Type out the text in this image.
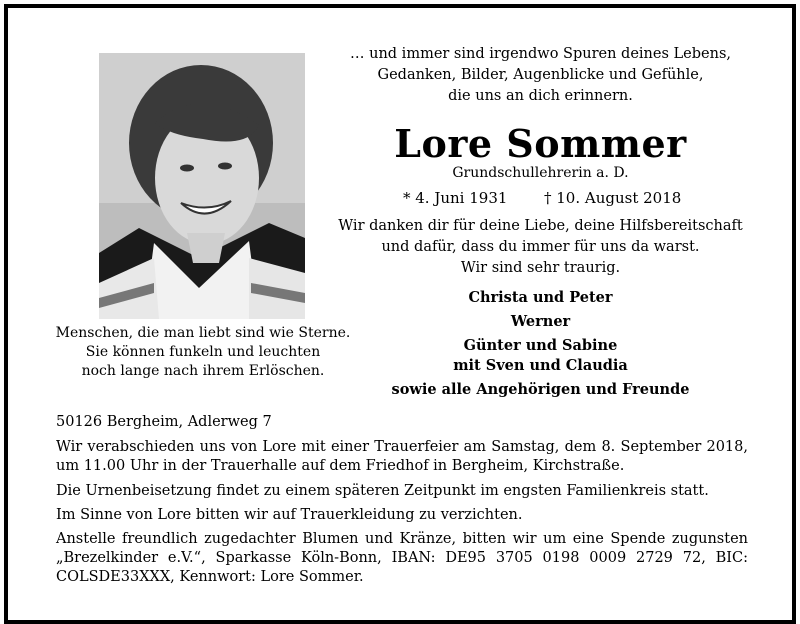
Menschen, die man liebt sind wie Sterne.
Sie können funkeln und leuchten
noch lange nach ihrem Erlöschen.
… und immer sind irgendwo Spuren deines Lebens,
Gedanken, Bilder, Augenblicke und Gefühle,
die uns an dich erinnern.
Lore Sommer
Grundschullehrerin a. D.
* 4. Juni 1931 † 10. August 2018
Wir danken dir für deine Liebe, deine Hilfsbereitschaft
und dafür, dass du immer für uns da warst.
Wir sind sehr traurig.
Christa und Peter
Werner
Günter und Sabine
mit Sven und Claudia
sowie alle Angehörigen und Freunde
50126 Bergheim, Adlerweg 7
Wir verabschieden uns von Lore mit einer Trauerfeier am Samstag, dem 8. September 2018, um 11.00 Uhr in der Trauerhalle auf dem Friedhof in Bergheim, Kirchstraße.
Die Urnenbeisetzung findet zu einem späteren Zeitpunkt im engsten Familienkreis statt.
Im Sinne von Lore bitten wir auf Trauerkleidung zu verzichten.
Anstelle freundlich zugedachter Blumen und Kränze, bitten wir um eine Spende zugunsten „Brezelkinder e.V.“, Sparkasse Köln-Bonn, IBAN: DE95 3705 0198 0009 2729 72, BIC: COLSDE33XXX, Kennwort: Lore Sommer.
